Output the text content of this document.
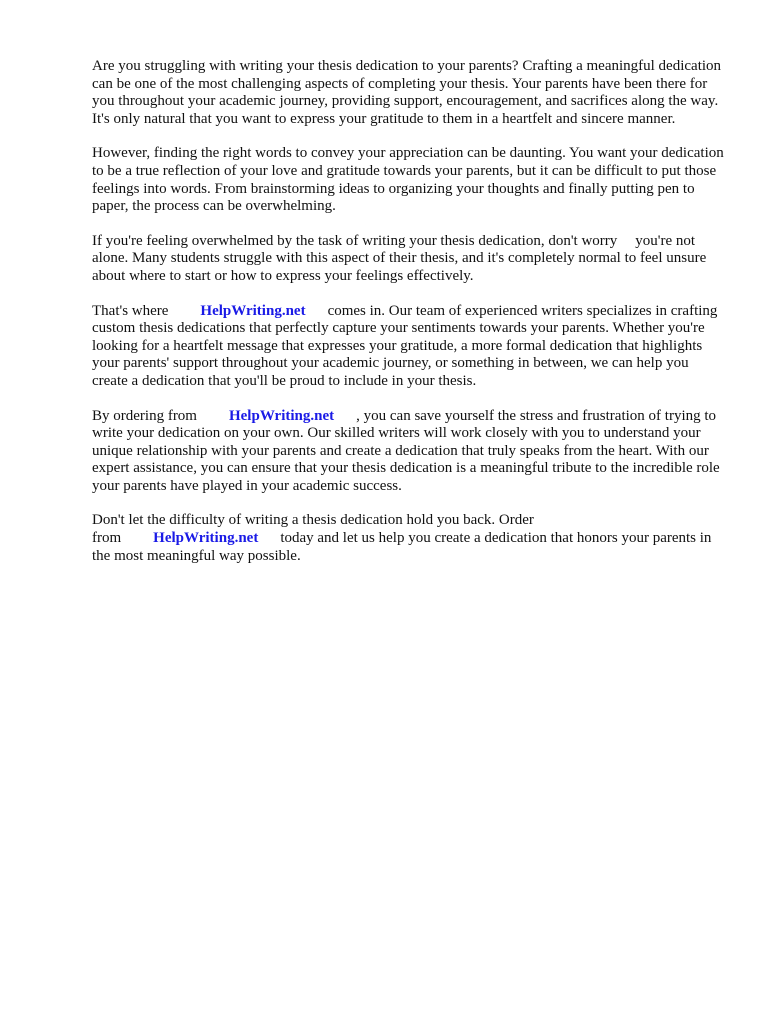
Are you struggling with writing your thesis dedication to your parents? Crafting a meaningful dedication can be one of the most challenging aspects of completing your thesis. Your parents have been there for you throughout your academic journey, providing support, encouragement, and sacrifices along the way. It's only natural that you want to express your gratitude to them in a heartfelt and sincere manner.

However, finding the right words to convey your appreciation can be daunting. You want your dedication to be a true reflection of your love and gratitude towards your parents, but it can be difficult to put those feelings into words. From brainstorming ideas to organizing your thoughts and finally putting pen to paper, the process can be overwhelming.

If you're feeling overwhelmed by the task of writing your thesis dedication, don't worry you're not alone. Many students struggle with this aspect of their thesis, and it's completely normal to feel unsure about where to start or how to express your feelings effectively.

That's where HelpWriting.net comes in. Our team of experienced writers specializes in crafting custom thesis dedications that perfectly capture your sentiments towards your parents. Whether you're looking for a heartfelt message that expresses your gratitude, a more formal dedication that highlights your parents' support throughout your academic journey, or something in between, we can help you create a dedication that you'll be proud to include in your thesis.

By ordering from HelpWriting.net , you can save yourself the stress and frustration of trying to write your dedication on your own. Our skilled writers will work closely with you to understand your unique relationship with your parents and create a dedication that truly speaks from the heart. With our expert assistance, you can ensure that your thesis dedication is a meaningful tribute to the incredible role your parents have played in your academic success.

Don't let the difficulty of writing a thesis dedication hold you back. Order from HelpWriting.net today and let us help you create a dedication that honors your parents in the most meaningful way possible.
